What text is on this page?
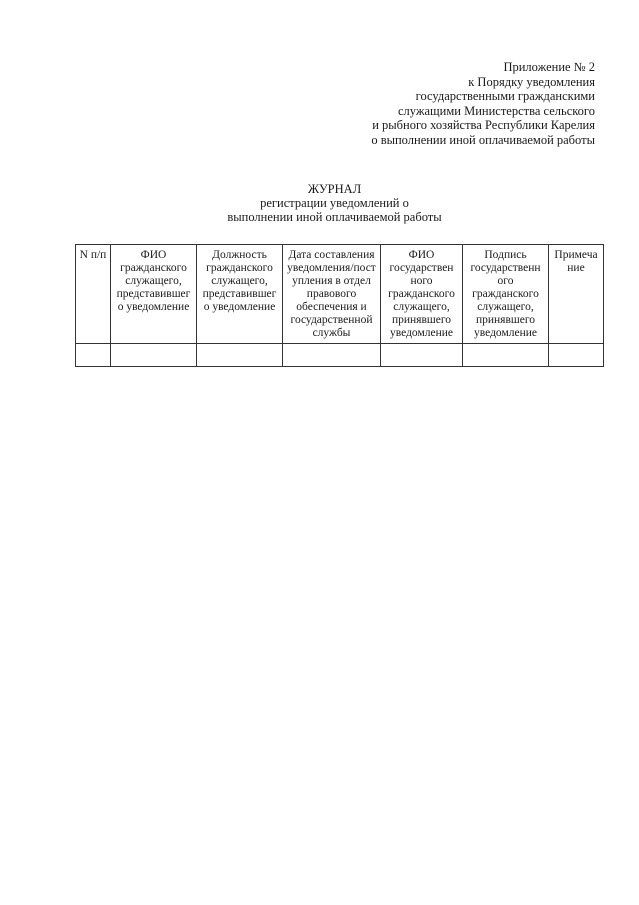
Приложение № 2
к Порядку уведомления
государственными гражданскими
служащими Министерства сельского
и рыбного хозяйства Республики Карелия
о выполнении иной оплачиваемой работы
ЖУРНАЛ
регистрации уведомлений о
выполнении иной оплачиваемой работы
N п/п	ФИО гражданского служащего, представившег о уведомление	Должность гражданского служащего, представившег о уведомление	Дата составления уведомления/пост упления в отдел правового обеспечения и государственной службы	ФИО государствен ного гражданского служащего, принявшего уведомление	Подпись государственн ого гражданского служащего, принявшего уведомление	Примеча ние
